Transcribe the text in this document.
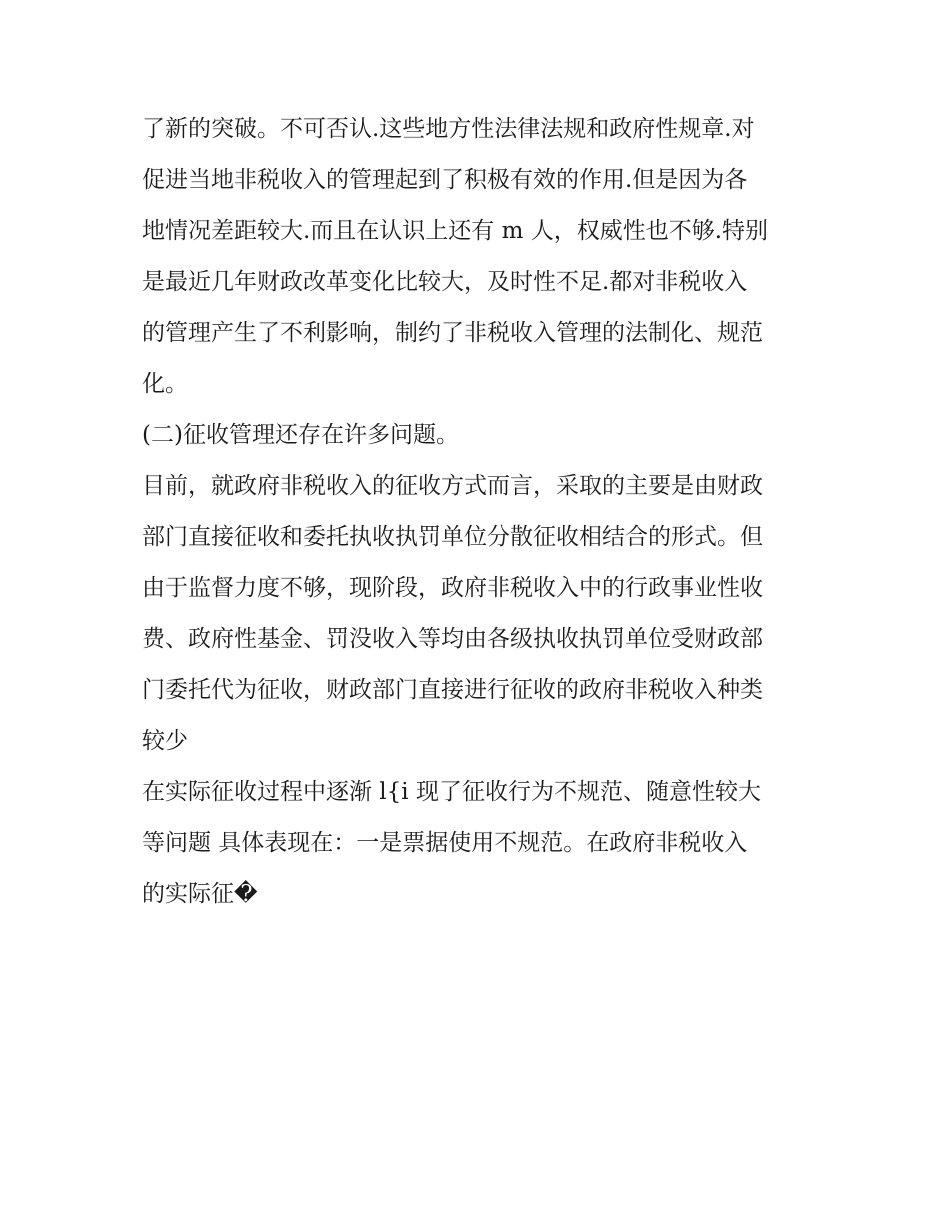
了新的突破。不可否认.这些地方性法律法规和政府性规章.对
促进当地非税收入的管理起到了积极有效的作用.但是因为各
地情况差距较大.而且在认识上还有 m 人，权威性也不够.特别
是最近几年财政改革变化比较大，及时性不足.都对非税收入
的管理产生了不利影响，制约了非税收入管理的法制化、规范
化。
(二)征收管理还存在许多问题。
目前，就政府非税收入的征收方式而言，采取的主要是由财政
部门直接征收和委托执收执罚单位分散征收相结合的形式。但
由于监督力度不够，现阶段，政府非税收入中的行政事业性收
费、政府性基金、罚没收入等均由各级执收执罚单位受财政部
门委托代为征收，财政部门直接进行征收的政府非税收入种类
较少
在实际征收过程中逐渐 l{i 现了征收行为不规范、随意性较大
等问题 具体表现在：一是票据使用不规范。在政府非税收入
的实际征�
